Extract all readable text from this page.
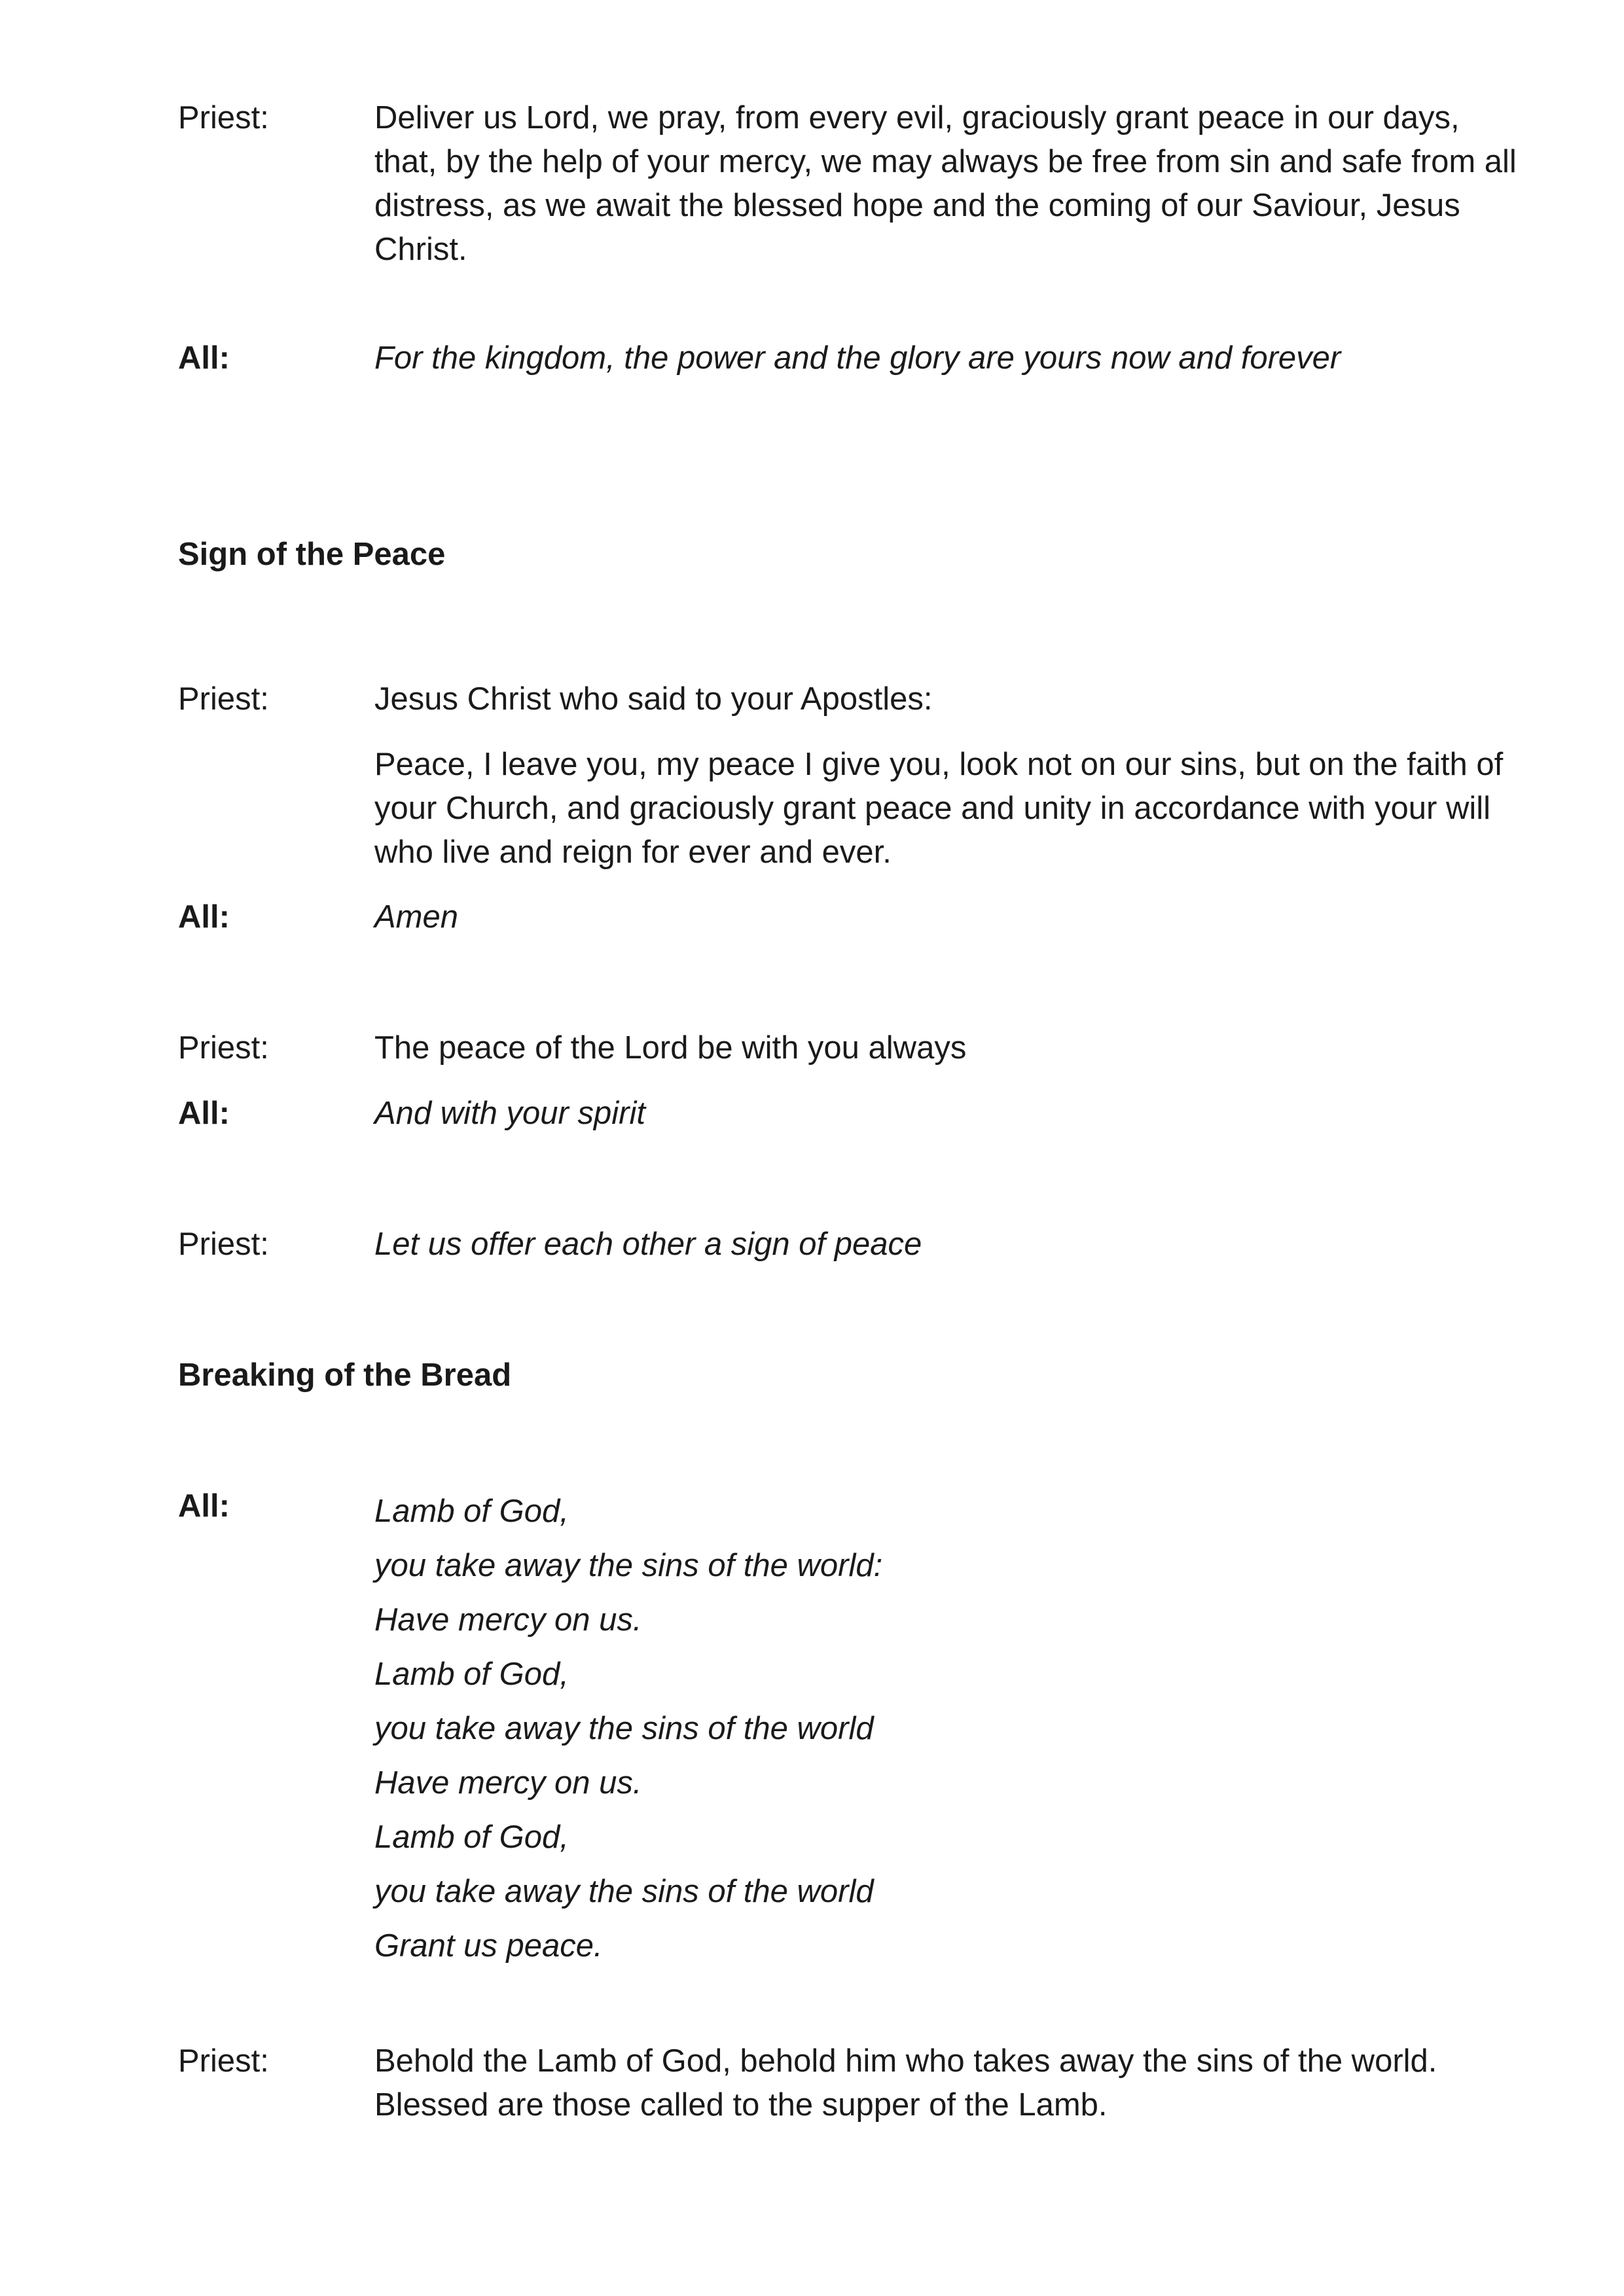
Priest:	Deliver us Lord, we pray, from every evil, graciously grant peace in our days,
that, by the help of your mercy, we may always be free from sin and safe from all
distress, as we await the blessed hope and the coming of our Saviour, Jesus
Christ.
All:	For the kingdom, the power and the glory are yours now and forever
Sign of the Peace
Priest:	Jesus Christ who said to your Apostles:
Peace, I leave you, my peace I give you, look not on our sins, but on the faith of
your Church, and graciously grant peace and unity in accordance with your will
who live and reign for ever and ever.
All:	Amen
Priest:	The peace of the Lord be with you always
All:	And with your spirit
Priest:	Let us offer each other a sign of peace
Breaking of the Bread
All:	Lamb of God,
you take away the sins of the world:
Have mercy on us.
Lamb of God,
you take away the sins of the world
Have mercy on us.
Lamb of God,
you take away the sins of the world
Grant us peace.
Priest:	Behold the Lamb of God, behold him who takes away the sins of the world.
Blessed are those called to the supper of the Lamb.
